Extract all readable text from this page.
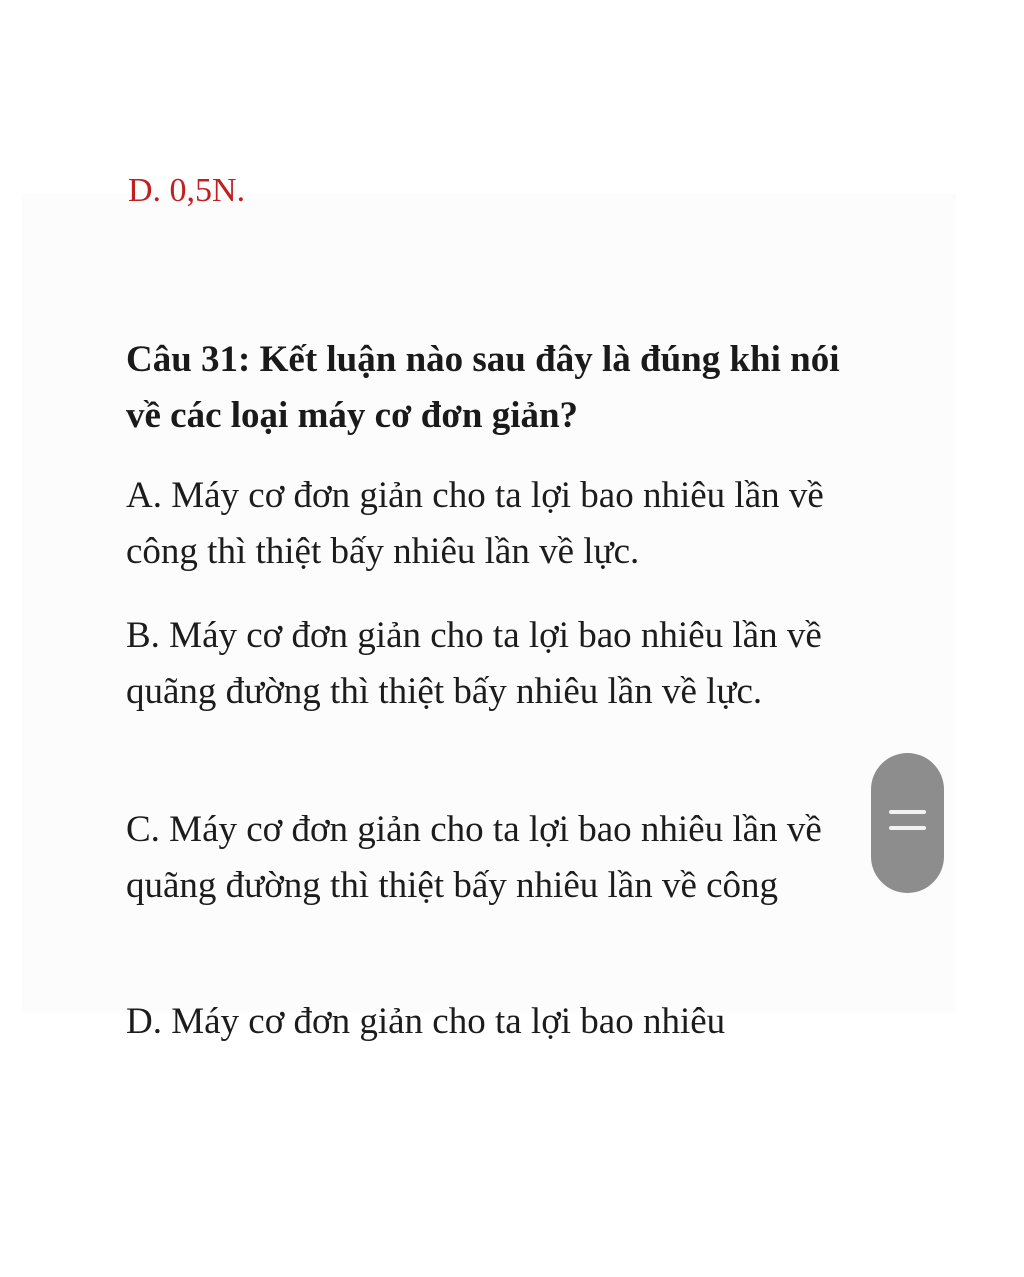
D. 0,5N.
Câu 31: Kết luận nào sau đây là đúng khi nói về các loại máy cơ đơn giản?
A. Máy cơ đơn giản cho ta lợi bao nhiêu lần về công thì thiệt bấy nhiêu lần về lực.
B. Máy cơ đơn giản cho ta lợi bao nhiêu lần về quãng đường thì thiệt bấy nhiêu lần về lực.
C. Máy cơ đơn giản cho ta lợi bao nhiêu lần về quãng đường thì thiệt bấy nhiêu lần về công
D. Máy cơ đơn giản cho ta lợi bao nhiêu
